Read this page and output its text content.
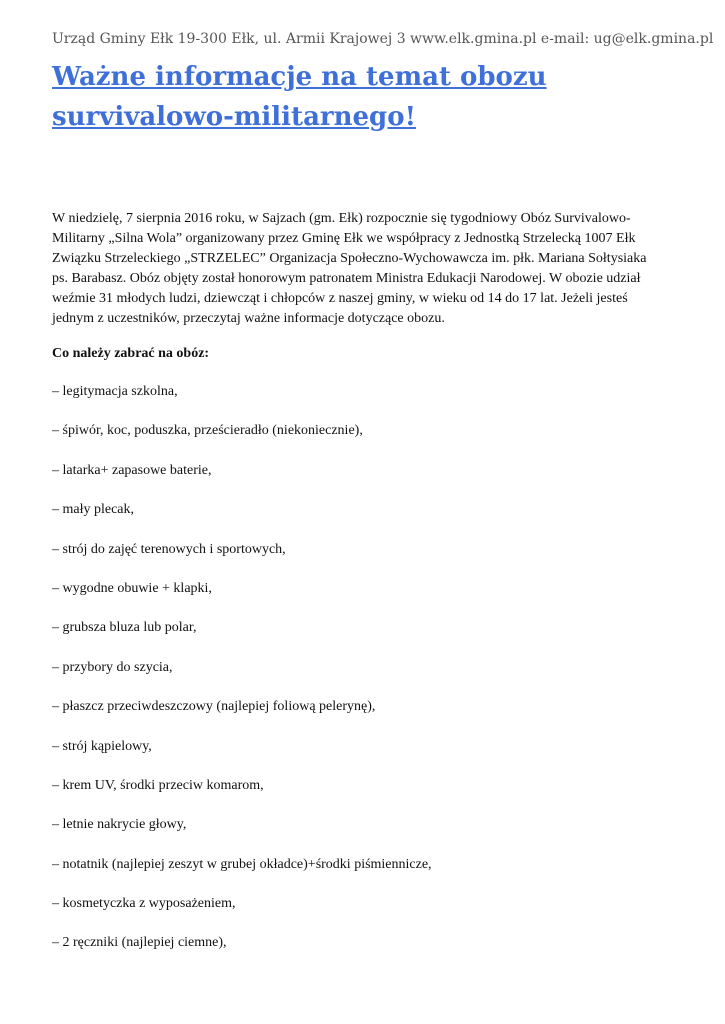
Urząd Gminy Ełk 19-300 Ełk, ul. Armii Krajowej 3 www.elk.gmina.pl e-mail: ug@elk.gmina.pl
Ważne informacje na temat obozu survivalowo-militarnego!

W niedzielę, 7 sierpnia 2016 roku, w Sajzach (gm. Ełk) rozpocznie się tygodniowy Obóz Survivalowo-Militarny „Silna Wola” organizowany przez Gminę Ełk we współpracy z Jednostką Strzelecką 1007 Ełk Związku Strzeleckiego „STRZELEC” Organizacja Społeczno-Wychowawcza im. płk. Mariana Sołtysiaka ps. Barabasz. Obóz objęty został honorowym patronatem Ministra Edukacji Narodowej. W obozie udział weźmie 31 młodych ludzi, dziewcząt i chłopców z naszej gminy, w wieku od 14 do 17 lat. Jeżeli jesteś jednym z uczestników, przeczytaj ważne informacje dotyczące obozu.

Co należy zabrać na obóz:

– legitymacja szkolna,
– śpiwór, koc, poduszka, prześcieradło (niekoniecznie),
– latarka+ zapasowe baterie,
– mały plecak,
– strój do zajęć terenowych i sportowych,
– wygodne obuwie + klapki,
– grubsza bluza lub polar,
– przybory do szycia,
– płaszcz przeciwdeszczowy (najlepiej foliową pelerynę),
– strój kąpielowy,
– krem UV, środki przeciw komarom,
– letnie nakrycie głowy,
– notatnik (najlepiej zeszyt w grubej okładce)+środki piśmiennicze,
– kosmetyczka z wyposażeniem,
– 2 ręczniki (najlepiej ciemne),
